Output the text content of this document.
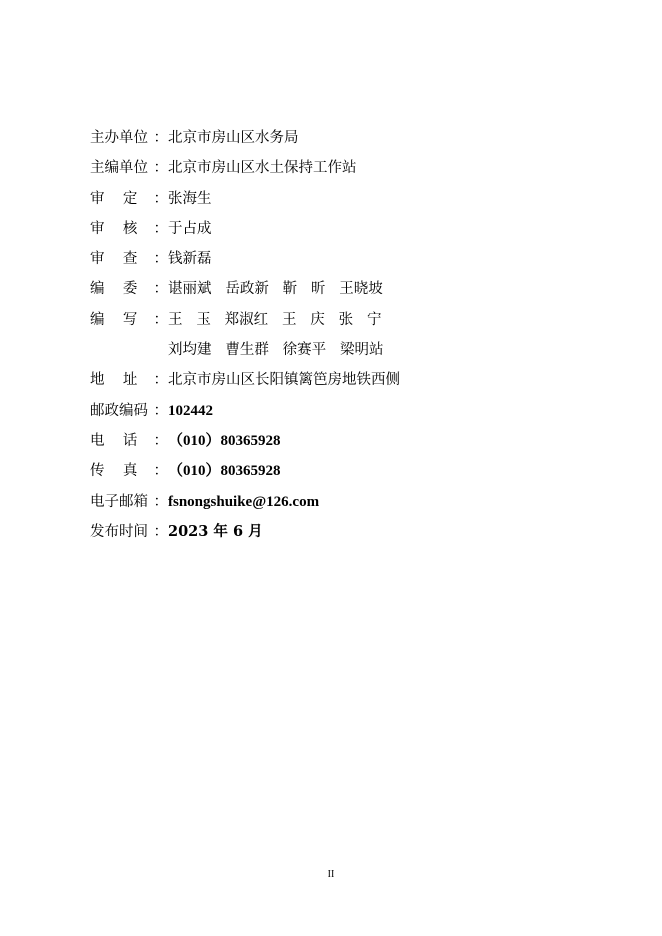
主办单位 ： 北京市房山区水务局
主编单位 ： 北京市房山区水土保持工作站
审    定 ： 张海生
审    核 ： 于占成
审    查 ： 钱新磊
编    委 ： 谌丽斌   岳政新   靳   昕   王晓坡
编    写 ： 王   玉   郑淑红   王   庆   张   宁
刘均建   曹生群   徐赛平   梁明站
地    址 ： 北京市房山区长阳镇篱笆房地铁西侧
邮政编码 ： 102442
电    话 ： （010）80365928
传    真 ： （010）80365928
电子邮箱 ： fsnongshuike@126.com
发布时间 ： 2023 年 6 月
II
